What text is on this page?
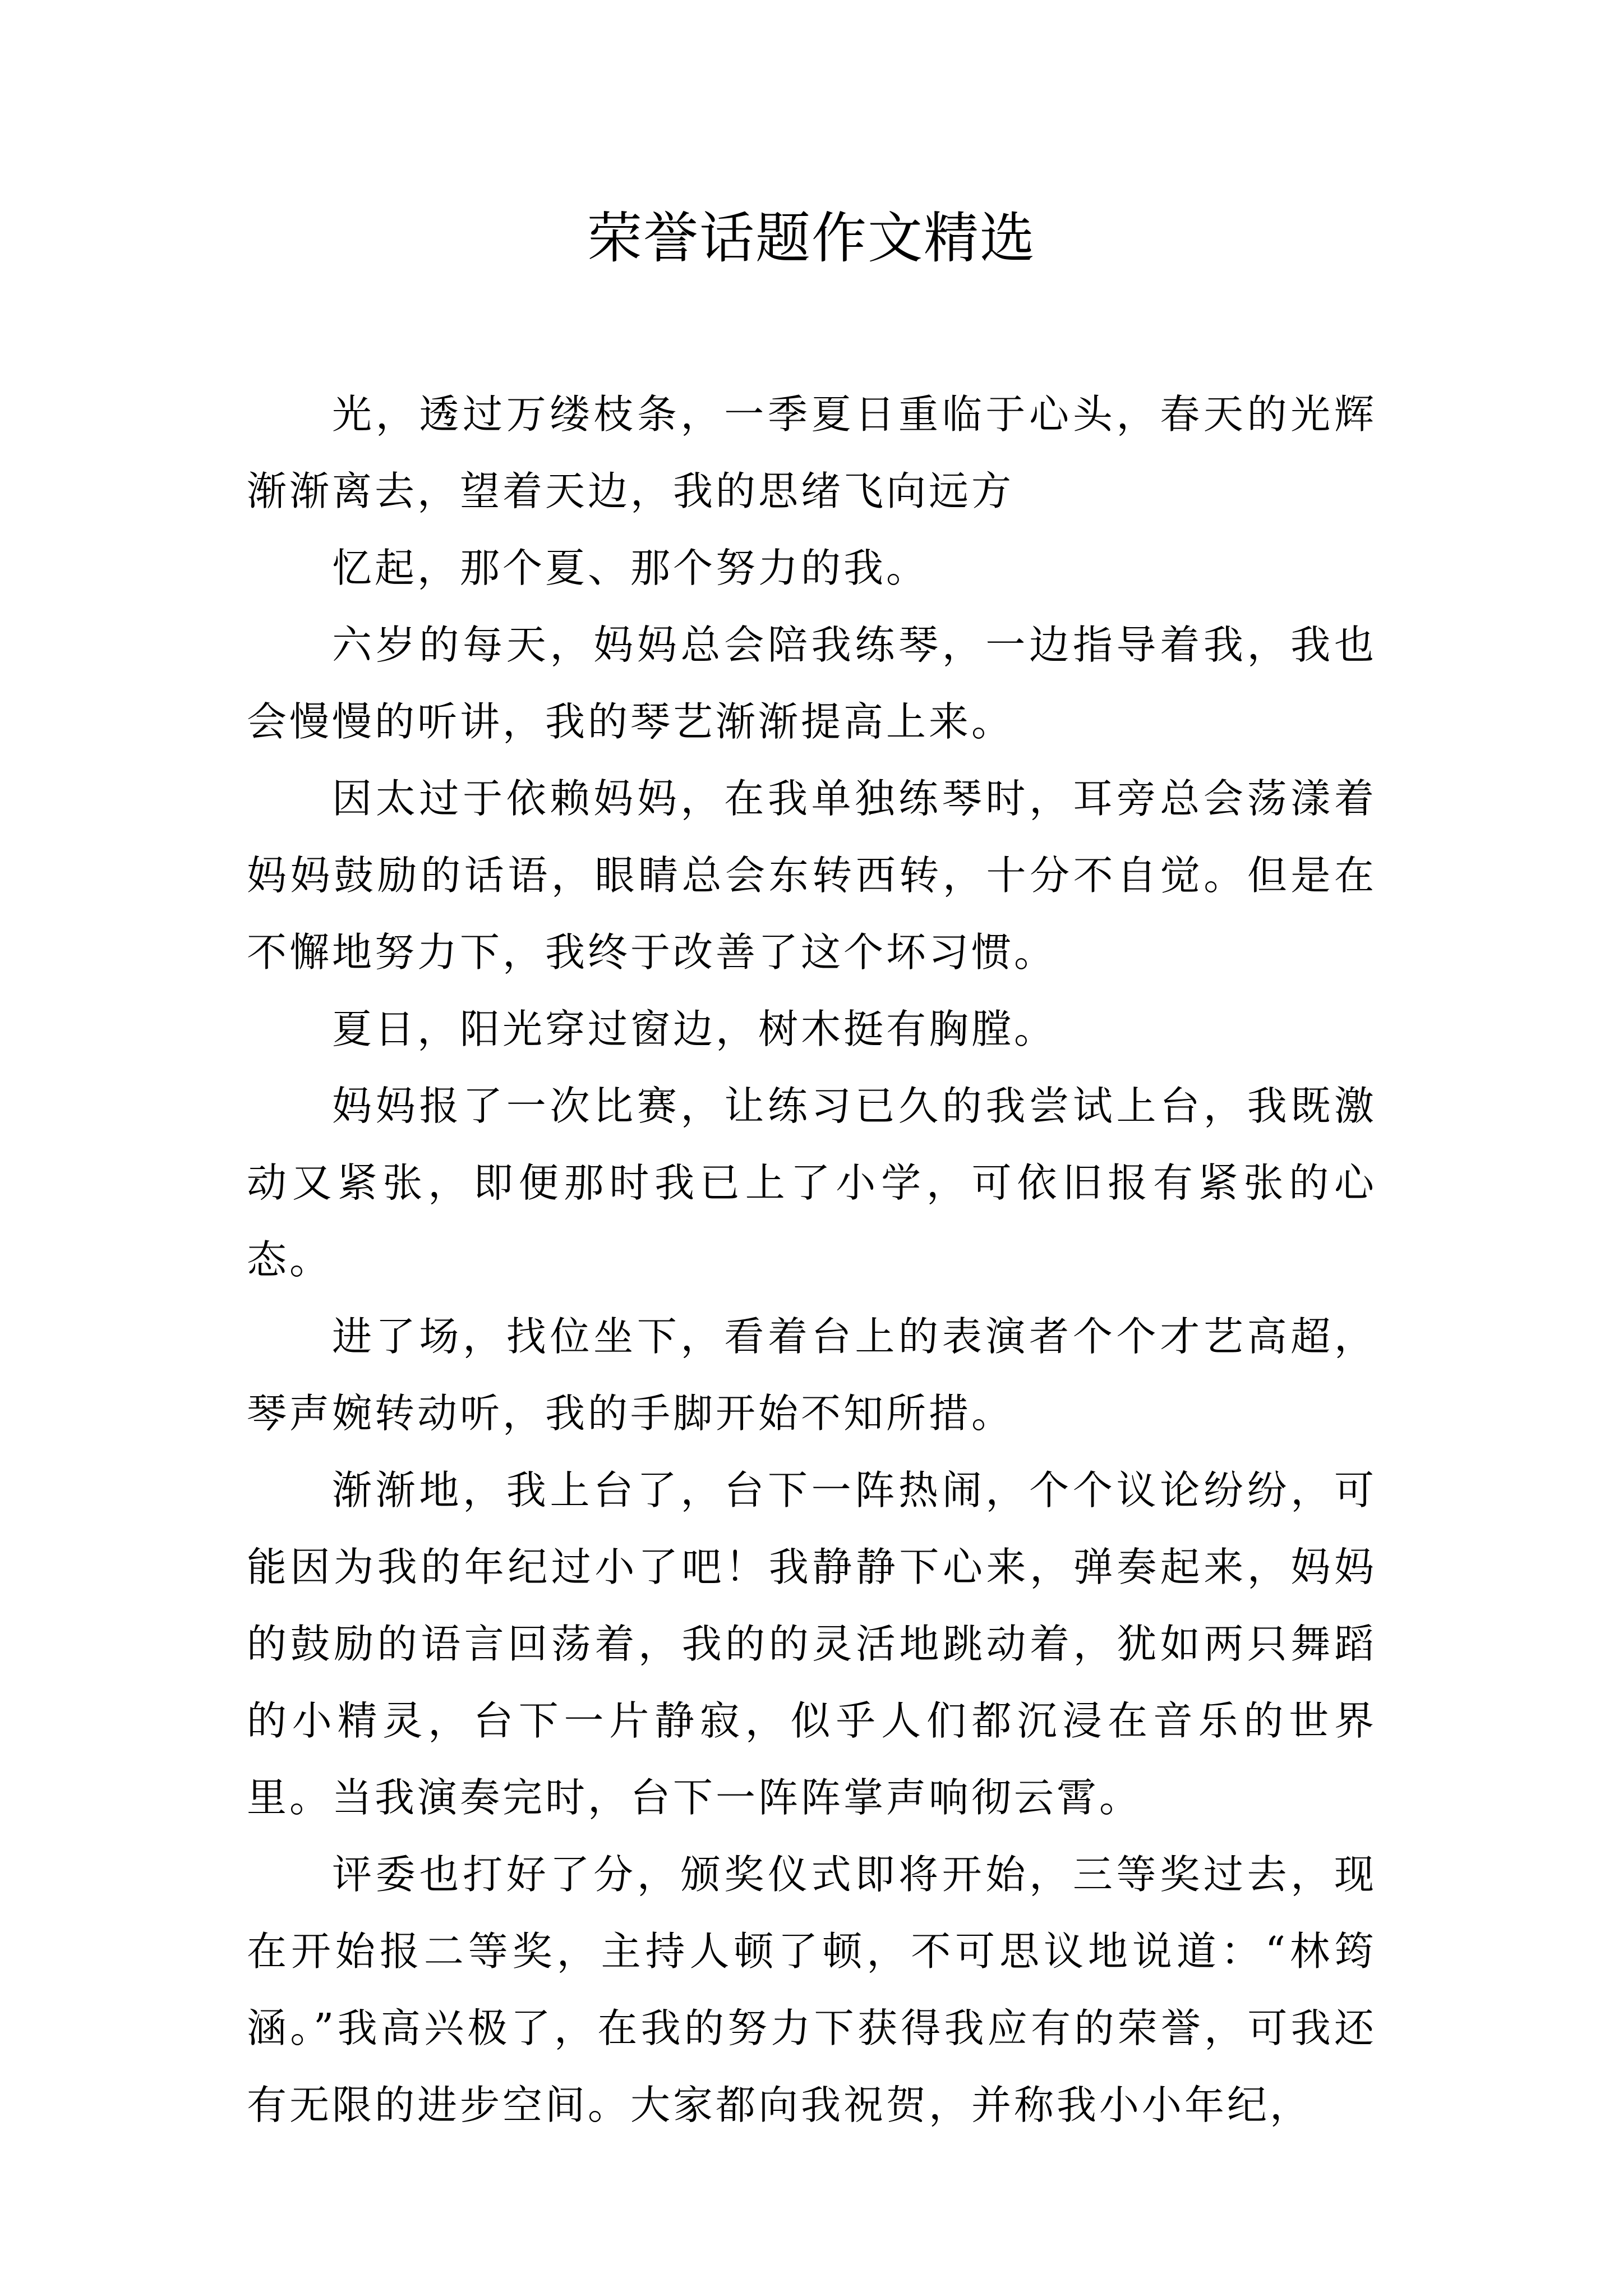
荣誉话题作文精选

光，透过万缕枝条，一季夏日重临于心头，春天的光辉渐渐离去，望着天边，我的思绪飞向远方

忆起，那个夏、那个努力的我。

六岁的每天，妈妈总会陪我练琴，一边指导着我，我也会慢慢的听讲，我的琴艺渐渐提高上来。

因太过于依赖妈妈，在我单独练琴时，耳旁总会荡漾着妈妈鼓励的话语，眼睛总会东转西转，十分不自觉。但是在不懈地努力下，我终于改善了这个坏习惯。

夏日，阳光穿过窗边，树木挺有胸膛。

妈妈报了一次比赛，让练习已久的我尝试上台，我既激动又紧张，即便那时我已上了小学，可依旧报有紧张的心态。

进了场，找位坐下，看着台上的表演者个个才艺高超，琴声婉转动听，我的手脚开始不知所措。

渐渐地，我上台了，台下一阵热闹，个个议论纷纷，可能因为我的年纪过小了吧！我静静下心来，弹奏起来，妈妈的鼓励的语言回荡着，我的的灵活地跳动着，犹如两只舞蹈的小精灵，台下一片静寂，似乎人们都沉浸在音乐的世界里。当我演奏完时，台下一阵阵掌声响彻云霄。

评委也打好了分，颁奖仪式即将开始，三等奖过去，现在开始报二等奖，主持人顿了顿，不可思议地说道：“林筠涵。”我高兴极了，在我的努力下获得我应有的荣誉，可我还有无限的进步空间。大家都向我祝贺，并称我小小年纪，
